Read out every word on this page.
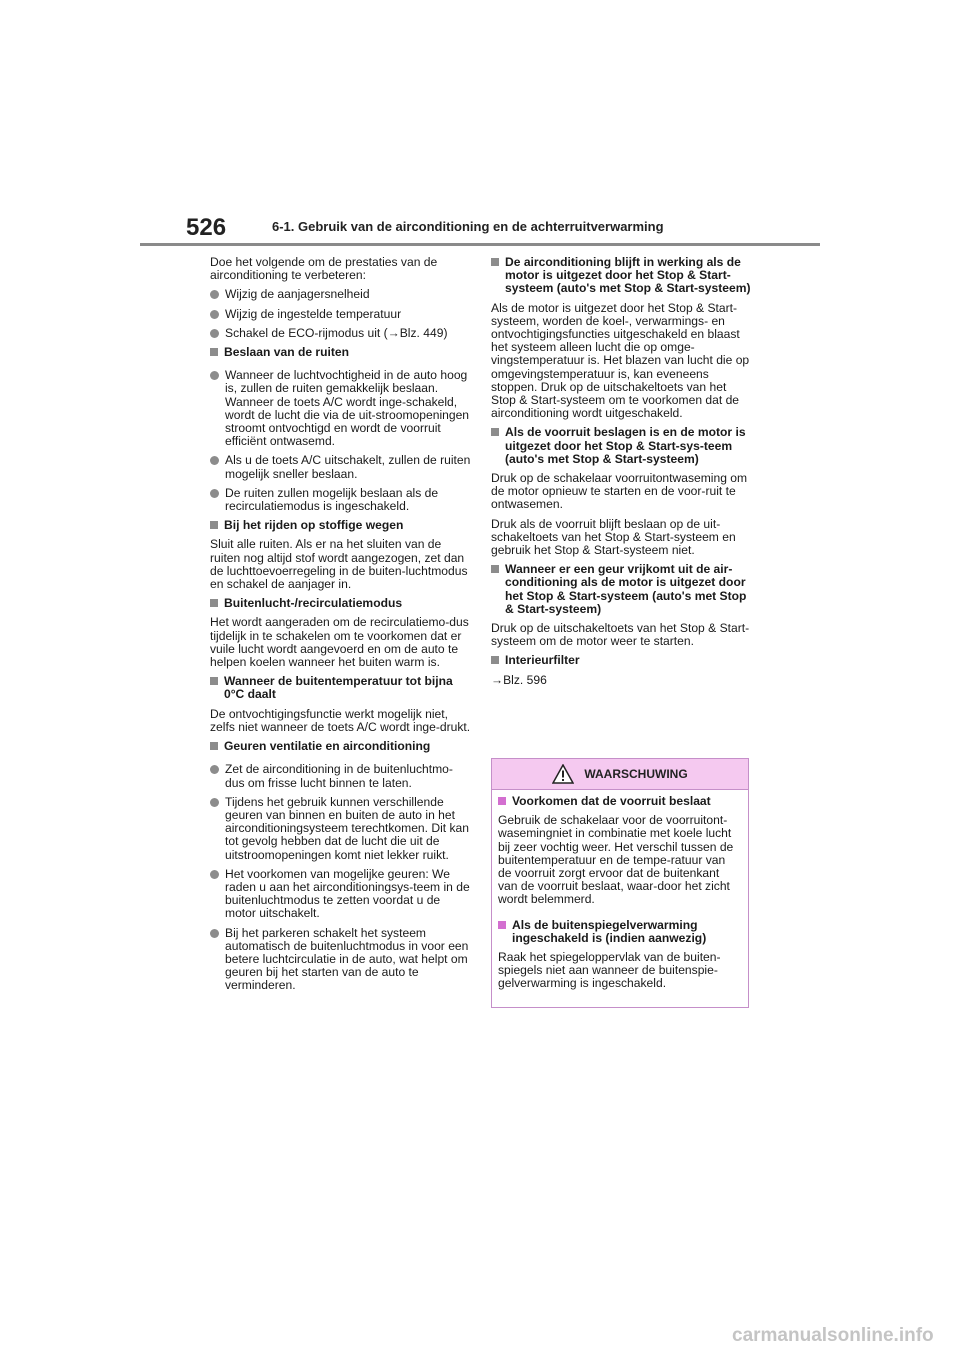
526	6-1. Gebruik van de airconditioning en de achterruitverwarming

Doe het volgende om de prestaties van de airconditioning te verbeteren:

Wijzig de aanjagersnelheid

Wijzig de ingestelde temperatuur

Schakel de ECO-rijmodus uit (→Blz. 449)

Beslaan van de ruiten

Wanneer de luchtvochtigheid in de auto hoog is, zullen de ruiten gemakkelijk beslaan. Wanneer de toets A/C wordt inge-schakeld, wordt de lucht die via de uit-stroomopeningen stroomt ontvochtigd en wordt de voorruit efficiënt ontwasemd.

Als u de toets A/C uitschakelt, zullen de ruiten mogelijk sneller beslaan.

De ruiten zullen mogelijk beslaan als de recirculatiemodus is ingeschakeld.

Bij het rijden op stoffige wegen

Sluit alle ruiten. Als er na het sluiten van de ruiten nog altijd stof wordt aangezogen, zet dan de luchttoevoerregeling in de buiten-luchtmodus en schakel de aanjager in.

Buitenlucht-/recirculatiemodus

Het wordt aangeraden om de recirculatiemo-dus tijdelijk in te schakelen om te voorkomen dat er vuile lucht wordt aangevoerd en om de auto te helpen koelen wanneer het buiten warm is.

Wanneer de buitentemperatuur tot bijna 0°C daalt

De ontvochtigingsfunctie werkt mogelijk niet, zelfs niet wanneer de toets A/C wordt inge-drukt.

Geuren ventilatie en airconditioning

Zet de airconditioning in de buitenluchtmo-dus om frisse lucht binnen te laten.

Tijdens het gebruik kunnen verschillende geuren van binnen en buiten de auto in het airconditioningsysteem terechtkomen. Dit kan tot gevolg hebben dat de lucht die uit de uitstroomopeningen komt niet lekker ruikt.

Het voorkomen van mogelijke geuren: We raden u aan het airconditioningsys-teem in de buitenluchtmodus te zetten voordat u de motor uitschakelt.

Bij het parkeren schakelt het systeem automatisch de buitenluchtmodus in voor een betere luchtcirculatie in de auto, wat helpt om geuren bij het starten van de auto te verminderen.

De airconditioning blijft in werking als de motor is uitgezet door het Stop & Start-systeem (auto's met Stop & Start-systeem)

Als de motor is uitgezet door het Stop & Start-systeem, worden de koel-, verwarmings- en ontvochtigingsfuncties uitgeschakeld en blaast het systeem alleen lucht die op omge-vingstemperatuur is. Het blazen van lucht die op omgevingstemperatuur is, kan eveneens stoppen. Druk op de uitschakeltoets van het Stop & Start-systeem om te voorkomen dat de airconditioning wordt uitgeschakeld.

Als de voorruit beslagen is en de motor is uitgezet door het Stop & Start-sys-teem (auto's met Stop & Start-systeem)

Druk op de schakelaar voorruitontwaseming om de motor opnieuw te starten en de voor-ruit te ontwasemen.

Druk als de voorruit blijft beslaan op de uit-schakeltoets van het Stop & Start-systeem en gebruik het Stop & Start-systeem niet.

Wanneer er een geur vrijkomt uit de air-conditioning als de motor is uitgezet door het Stop & Start-systeem (auto's met Stop & Start-systeem)

Druk op de uitschakeltoets van het Stop & Start-systeem om de motor weer te starten.

Interieurfilter

→Blz. 596

WAARSCHUWING

Voorkomen dat de voorruit beslaat

Gebruik de schakelaar voor de voorruitont-wasemingniet in combinatie met koele lucht bij zeer vochtig weer. Het verschil tussen de buitentemperatuur en de tempe-ratuur van de voorruit zorgt ervoor dat de buitenkant van de voorruit beslaat, waar-door het zicht wordt belemmerd.

Als de buitenspiegelverwarming ingeschakeld is (indien aanwezig)

Raak het spiegeloppervlak van de buiten-spiegels niet aan wanneer de buitenspie-gelverwarming is ingeschakeld.

carmanualsonline.info
